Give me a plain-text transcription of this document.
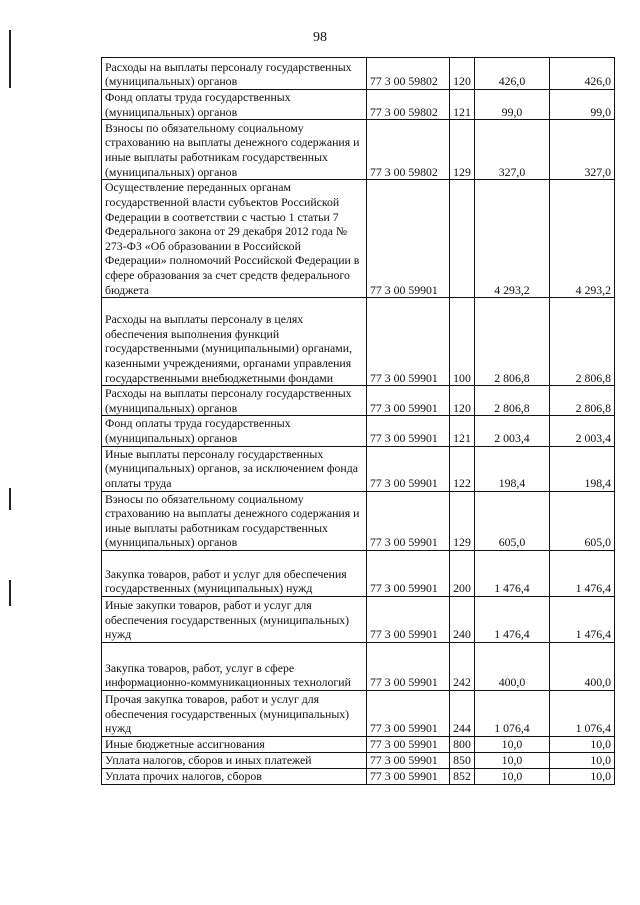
98
Расходы на выплаты персоналу государственных (муниципальных) органов	77 3 00 59802	120	426,0	426,0
Фонд оплаты труда государственных (муниципальных) органов	77 3 00 59802	121	99,0	99,0
Взносы по обязательному социальному страхованию на выплаты денежного содержания и иные выплаты работникам государственных (муниципальных) органов	77 3 00 59802	129	327,0	327,0
Осуществление переданных органам государственной власти субъектов Российской Федерации в соответствии с частью 1 статьи 7 Федерального закона от 29 декабря 2012 года № 273-ФЗ «Об образовании в Российской Федерации» полномочий Российской Федерации в сфере образования за счет средств федерального бюджета	77 3 00 59901		4 293,2	4 293,2
Расходы на выплаты персоналу в целях обеспечения выполнения функций государственными (муниципальными) органами, казенными учреждениями, органами управления государственными внебюджетными фондами	77 3 00 59901	100	2 806,8	2 806,8
Расходы на выплаты персоналу государственных (муниципальных) органов	77 3 00 59901	120	2 806,8	2 806,8
Фонд оплаты труда государственных (муниципальных) органов	77 3 00 59901	121	2 003,4	2 003,4
Иные выплаты персоналу государственных (муниципальных) органов, за исключением фонда оплаты труда	77 3 00 59901	122	198,4	198,4
Взносы по обязательному социальному страхованию на выплаты денежного содержания и иные выплаты работникам государственных (муниципальных) органов	77 3 00 59901	129	605,0	605,0
Закупка товаров, работ и услуг для обеспечения государственных (муниципальных) нужд	77 3 00 59901	200	1 476,4	1 476,4
Иные закупки товаров, работ и услуг для обеспечения государственных (муниципальных) нужд	77 3 00 59901	240	1 476,4	1 476,4
Закупка товаров, работ, услуг в сфере информационно-коммуникационных технологий	77 3 00 59901	242	400,0	400,0
Прочая закупка товаров, работ и услуг для обеспечения государственных (муниципальных) нужд	77 3 00 59901	244	1 076,4	1 076,4
Иные бюджетные ассигнования	77 3 00 59901	800	10,0	10,0
Уплата налогов, сборов и иных платежей	77 3 00 59901	850	10,0	10,0
Уплата прочих налогов, сборов	77 3 00 59901	852	10,0	10,0
